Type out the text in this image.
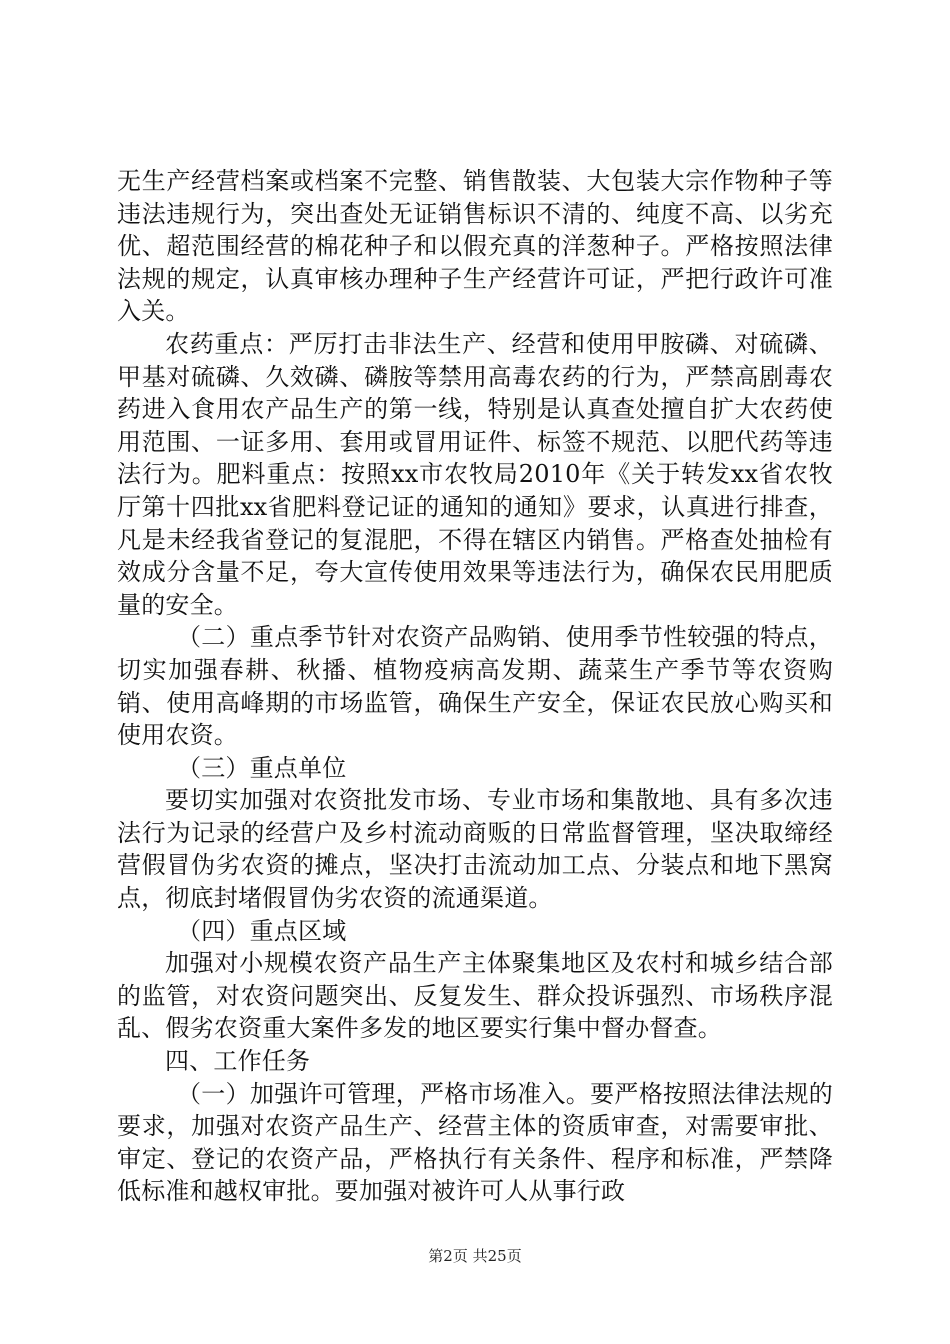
无生产经营档案或档案不完整、销售散装、大包装大宗作物种子等违法违规行为，突出查处无证销售标识不清的、纯度不高、以劣充优、超范围经营的棉花种子和以假充真的洋葱种子。严格按照法律法规的规定，认真审核办理种子生产经营许可证，严把行政许可准入关。

农药重点：严厉打击非法生产、经营和使用甲胺磷、对硫磷、甲基对硫磷、久效磷、磷胺等禁用高毒农药的行为，严禁高剧毒农药进入食用农产品生产的第一线，特别是认真查处擅自扩大农药使用范围、一证多用、套用或冒用证件、标签不规范、以肥代药等违法行为。肥料重点：按照xx市农牧局2010年《关于转发xx省农牧厅第十四批xx省肥料登记证的通知的通知》要求，认真进行排查，凡是未经我省登记的复混肥，不得在辖区内销售。严格查处抽检有效成分含量不足，夸大宣传使用效果等违法行为，确保农民用肥质量的安全。

（二）重点季节针对农资产品购销、使用季节性较强的特点，切实加强春耕、秋播、植物疫病高发期、蔬菜生产季节等农资购销、使用高峰期的市场监管，确保生产安全，保证农民放心购买和使用农资。

（三）重点单位

要切实加强对农资批发市场、专业市场和集散地、具有多次违法行为记录的经营户及乡村流动商贩的日常监督管理，坚决取缔经营假冒伪劣农资的摊点，坚决打击流动加工点、分装点和地下黑窝点，彻底封堵假冒伪劣农资的流通渠道。

（四）重点区域

加强对小规模农资产品生产主体聚集地区及农村和城乡结合部的监管，对农资问题突出、反复发生、群众投诉强烈、市场秩序混乱、假劣农资重大案件多发的地区要实行集中督办督查。

四、工作任务

（一）加强许可管理，严格市场准入。要严格按照法律法规的要求，加强对农资产品生产、经营主体的资质审查，对需要审批、审定、登记的农资产品，严格执行有关条件、程序和标准，严禁降低标准和越权审批。要加强对被许可人从事行政

第2页 共25页
